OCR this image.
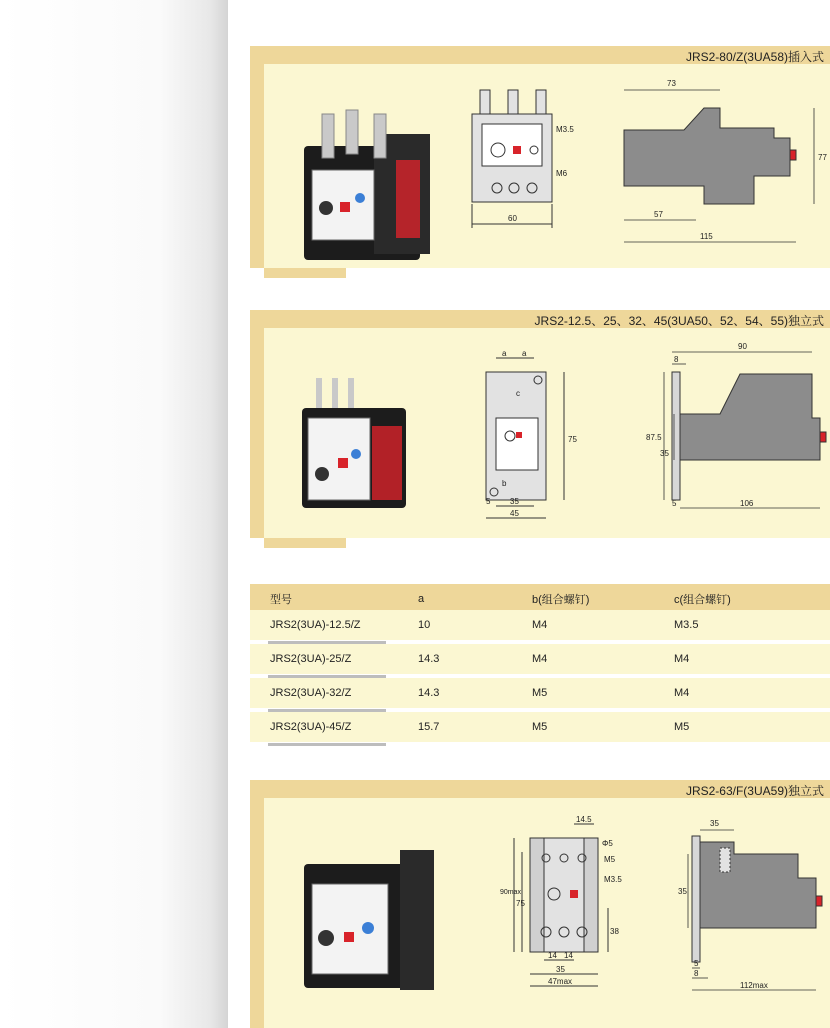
JRS2-80/Z(3UA58)插入式
M3.5
M6
60
73
77
57
115
JRS2-12.5、25、32、45(3UA50、52、54、55)独立式
a a
c
b
75
5 35
45
90
8
87.5
35
5	106
型号	a	b(组合螺钉)	c(组合螺钉)
JRS2(3UA)-12.5/Z	10	M4	M3.5
JRS2(3UA)-25/Z	14.3	M4	M4
JRS2(3UA)-32/Z	14.3	M5	M4
JRS2(3UA)-45/Z	15.7	M5	M5
JRS2-63/F(3UA59)独立式
14.5
Φ5
M5
M3.5
90max
75
38
14 14
35
47max
35
35
5
8
112max
